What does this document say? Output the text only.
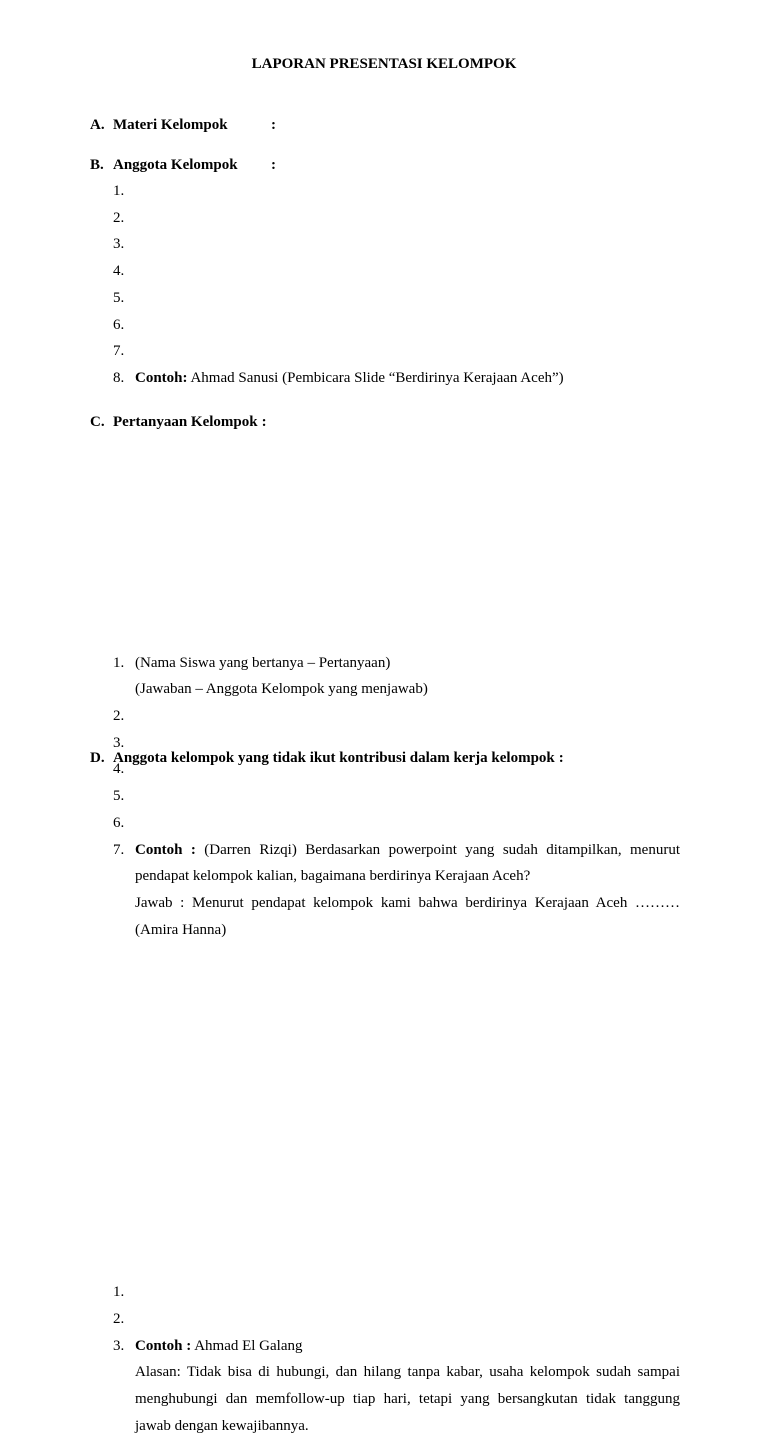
LAPORAN PRESENTASI KELOMPOK
A. Materi Kelompok	:
B. Anggota Kelompok :
1.

2.

3.

4.

5.

6.

7.

8. Contoh: Ahmad Sanusi (Pembicara Slide “Berdirinya Kerajaan Aceh”)
C. Pertanyaan Kelompok :
1. (Nama Siswa yang bertanya – Pertanyaan)
(Jawaban – Anggota Kelompok yang menjawab)
2.

3.

4.

5.

6.

7. Contoh : (Darren Rizqi) Berdasarkan powerpoint yang sudah ditampilkan, menurut
pendapat kelompok kalian, bagaimana berdirinya Kerajaan Aceh?
Jawab : Menurut pendapat kelompok kami bahwa berdirinya Kerajaan Aceh ………
(Amira Hanna)
D. Anggota kelompok yang tidak ikut kontribusi dalam kerja kelompok :
1.

2.

3. Contoh : Ahmad El Galang
Alasan: Tidak bisa di hubungi, dan hilang tanpa kabar, usaha kelompok sudah sampai
menghubungi dan memfollow-up tiap hari, tetapi yang bersangkutan tidak tanggung
jawab dengan kewajibannya.
